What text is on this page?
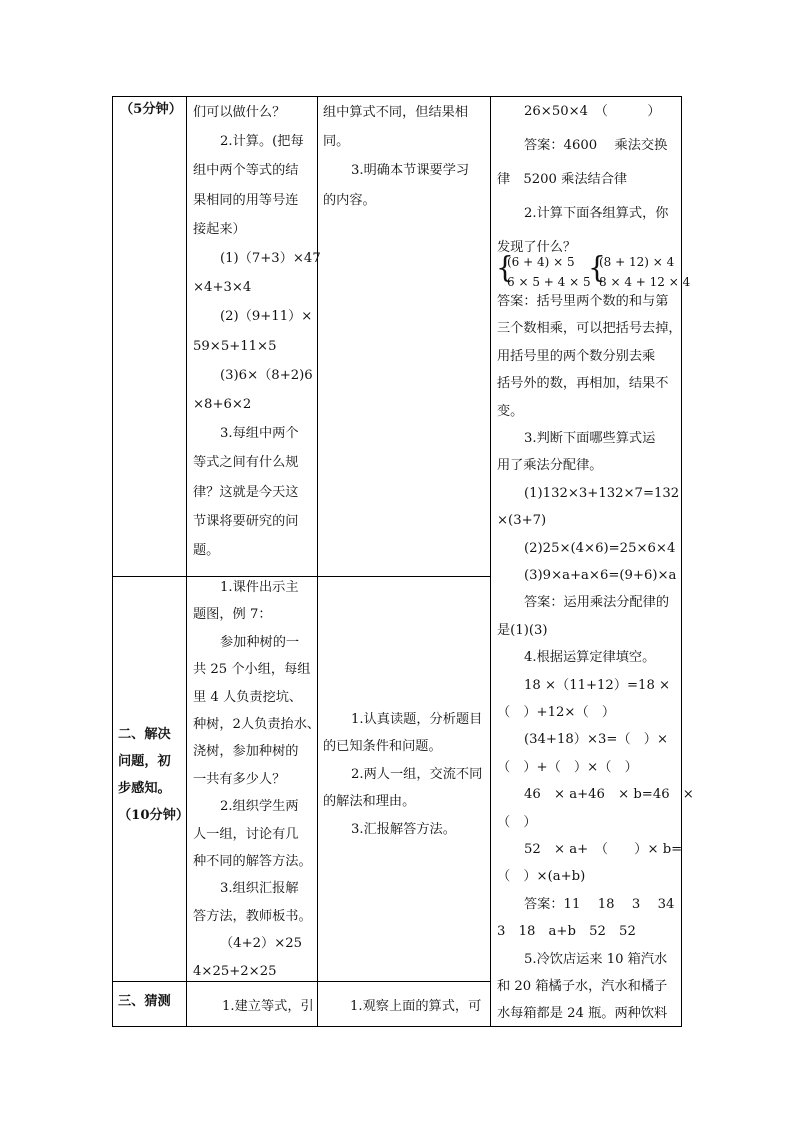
（5分钟）
二、解决
问题，初
步感知。
（10分钟）
三、猜测
们可以做什么？
2.计算。(把每
组中两个等式的结
果相同的用等号连
接起来）
(1)（7+3）×47
×4+3×4
(2)（9+11）×
59×5+11×5
(3)6×（8+2)6
×8+6×2
3.每组中两个
等式之间有什么规
律？这就是今天这
节课将要研究的问
题。
1.课件出示主
题图，例 7：
参加种树的一
共 25 个小组，每组
里 4 人负责挖坑、
种树，2人负责抬水、
浇树，参加种树的
一共有多少人？
2.组织学生两
人一组，讨论有几
种不同的解答方法。
3.组织汇报解
答方法，教师板书。
（4+2）×25
4×25+2×25
1.建立等式，引
组中算式不同，但结果相
同。
3.明确本节课要学习
的内容。
1.认真读题，分析题目
的已知条件和问题。
2.两人一组，交流不同
的解法和理由。
3.汇报解答方法。
1.观察上面的算式，可
26×50×4　（　　　）
答案：4600　 乘法交换
律　5200 乘法结合律
2.计算下面各组算式，你
发现了什么？
{
(6 + 4) × 5
6 × 5 + 4 × 5
{
(8 + 12) × 4
8 × 4 + 12 × 4
答案：括号里两个数的和与第
三个数相乘，可以把括号去掉，
用括号里的两个数分别去乘
括号外的数，再相加，结果不
变。
3.判断下面哪些算式运
用了乘法分配律。
(1)132×3+132×7=132
×(3+7)
(2)25×(4×6)=25×6×4
(3)9×a+a×6=(9+6)×a
答案：运用乘法分配律的
是(1)(3)
4.根据运算定律填空。
18 ×（11+12）=18 ×
（　）+12×（　）
(34+18）×3=（　）×
（　）+（　）×（　）
46　× a+46　× b=46　×
（　）
52　× a+　（　　）× b=
（　）×(a+b)
答案：11　 18　 3　 34
3　18　a+b　52　52
5.冷饮店运来 10 箱汽水
和 20 箱橘子水，汽水和橘子
水每箱都是 24 瓶。两种饮料
